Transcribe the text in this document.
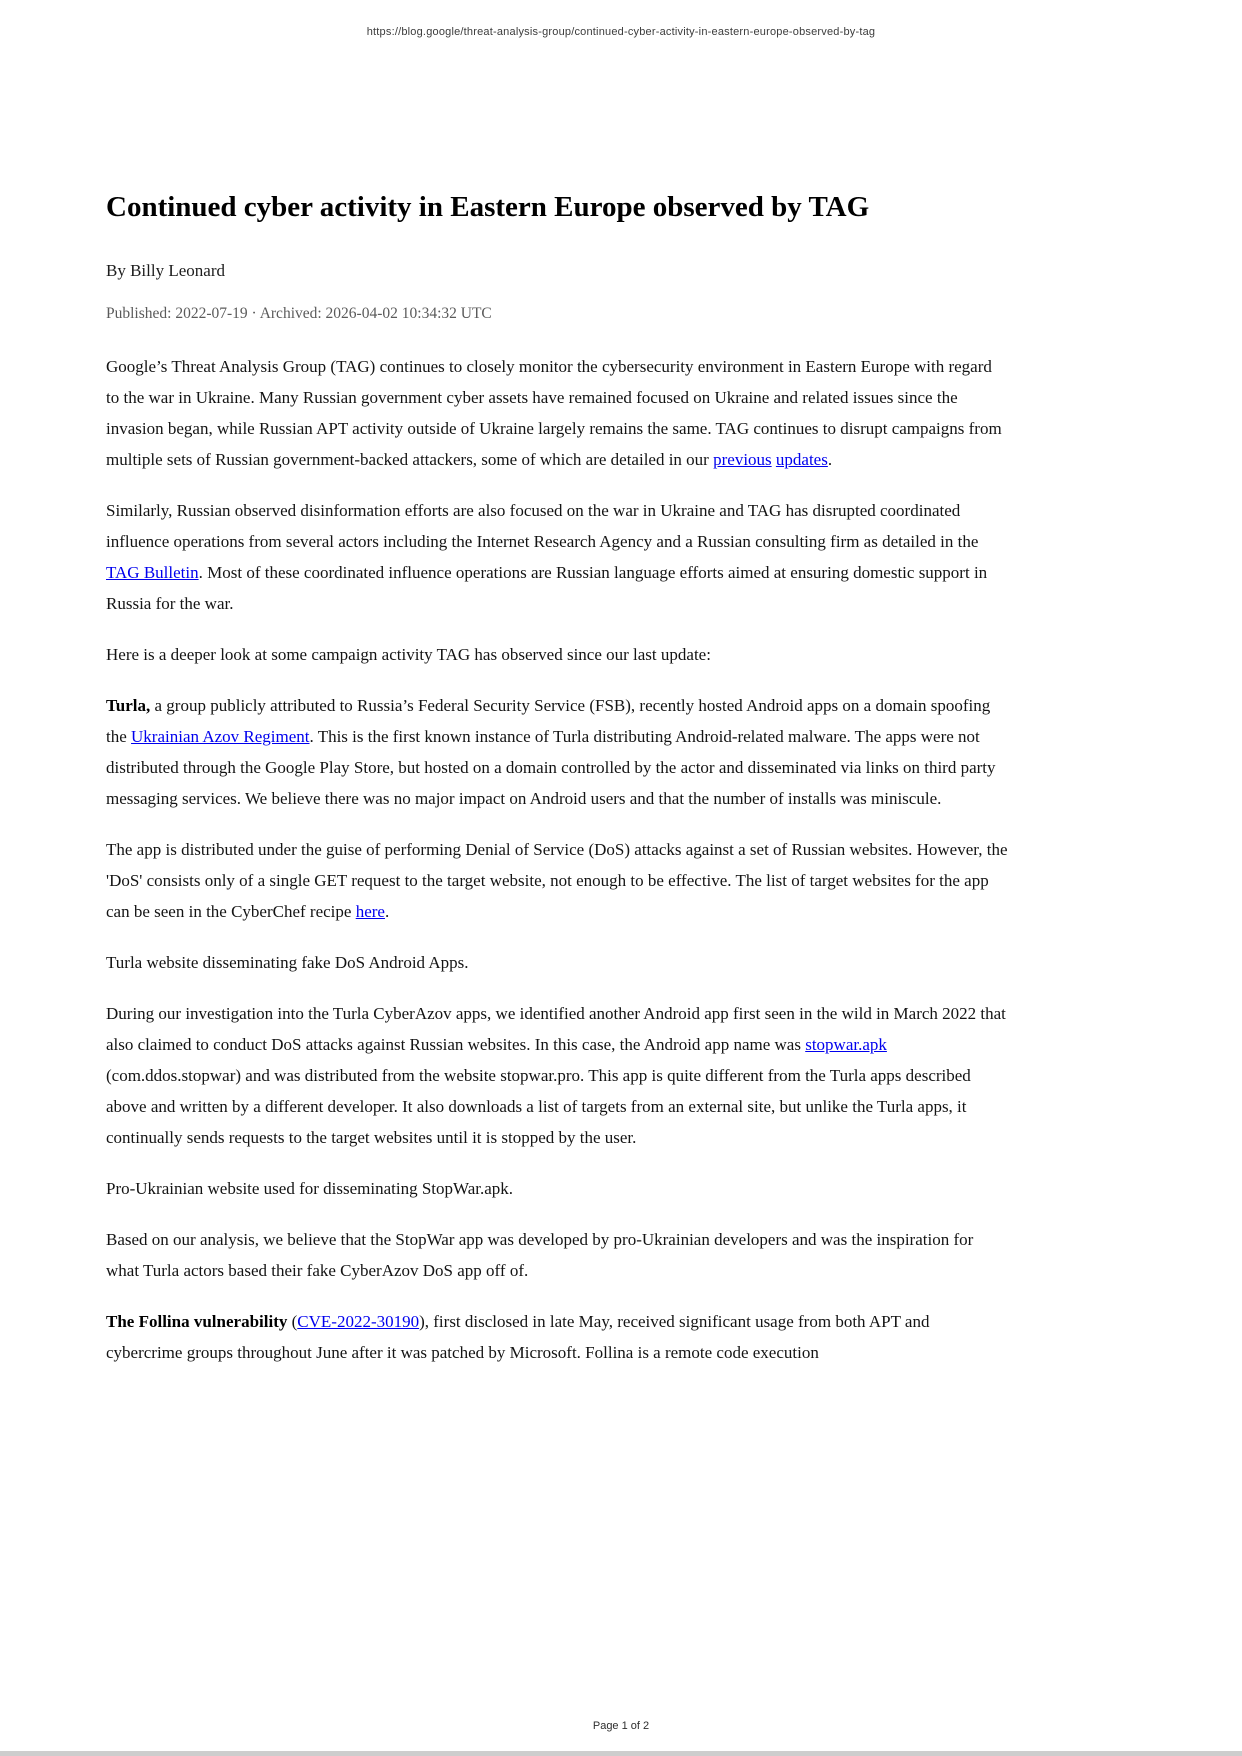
https://blog.google/threat-analysis-group/continued-cyber-activity-in-eastern-europe-observed-by-tag
Continued cyber activity in Eastern Europe observed by TAG
By Billy Leonard
Published: 2022-07-19 · Archived: 2026-04-02 10:34:32 UTC

Google’s Threat Analysis Group (TAG) continues to closely monitor the cybersecurity environment in Eastern Europe with regard to the war in Ukraine. Many Russian government cyber assets have remained focused on Ukraine and related issues since the invasion began, while Russian APT activity outside of Ukraine largely remains the same. TAG continues to disrupt campaigns from multiple sets of Russian government-backed attackers, some of which are detailed in our previous updates.

Similarly, Russian observed disinformation efforts are also focused on the war in Ukraine and TAG has disrupted coordinated influence operations from several actors including the Internet Research Agency and a Russian consulting firm as detailed in the TAG Bulletin. Most of these coordinated influence operations are Russian language efforts aimed at ensuring domestic support in Russia for the war.

Here is a deeper look at some campaign activity TAG has observed since our last update:

Turla, a group publicly attributed to Russia’s Federal Security Service (FSB), recently hosted Android apps on a domain spoofing the Ukrainian Azov Regiment. This is the first known instance of Turla distributing Android-related malware. The apps were not distributed through the Google Play Store, but hosted on a domain controlled by the actor and disseminated via links on third party messaging services. We believe there was no major impact on Android users and that the number of installs was miniscule.

The app is distributed under the guise of performing Denial of Service (DoS) attacks against a set of Russian websites. However, the 'DoS' consists only of a single GET request to the target website, not enough to be effective. The list of target websites for the app can be seen in the CyberChef recipe here.

Turla website disseminating fake DoS Android Apps.

During our investigation into the Turla CyberAzov apps, we identified another Android app first seen in the wild in March 2022 that also claimed to conduct DoS attacks against Russian websites. In this case, the Android app name was stopwar.apk (com.ddos.stopwar) and was distributed from the website stopwar.pro. This app is quite different from the Turla apps described above and written by a different developer. It also downloads a list of targets from an external site, but unlike the Turla apps, it continually sends requests to the target websites until it is stopped by the user.

Pro-Ukrainian website used for disseminating StopWar.apk.

Based on our analysis, we believe that the StopWar app was developed by pro-Ukrainian developers and was the inspiration for what Turla actors based their fake CyberAzov DoS app off of.

The Follina vulnerability (CVE-2022-30190), first disclosed in late May, received significant usage from both APT and cybercrime groups throughout June after it was patched by Microsoft. Follina is a remote code execution

Page 1 of 2
